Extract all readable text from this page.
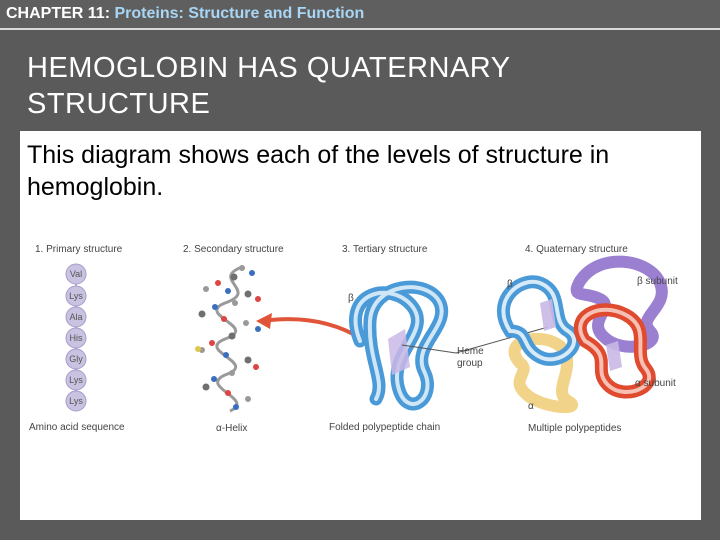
CHAPTER 11: Proteins: Structure and Function
HEMOGLOBIN HAS QUATERNARY STRUCTURE
This diagram shows each of the levels of structure in hemoglobin.
1. Primary structure	2. Secondary structure	3. Tertiary structure	4. Quaternary structure
Val
Lys
Ala
His
Gly
Lys
Lys
β
Heme
group
β
α
β subunit
α subunit
Amino acid sequence	α-Helix	Folded polypeptide chain	Multiple polypeptides
